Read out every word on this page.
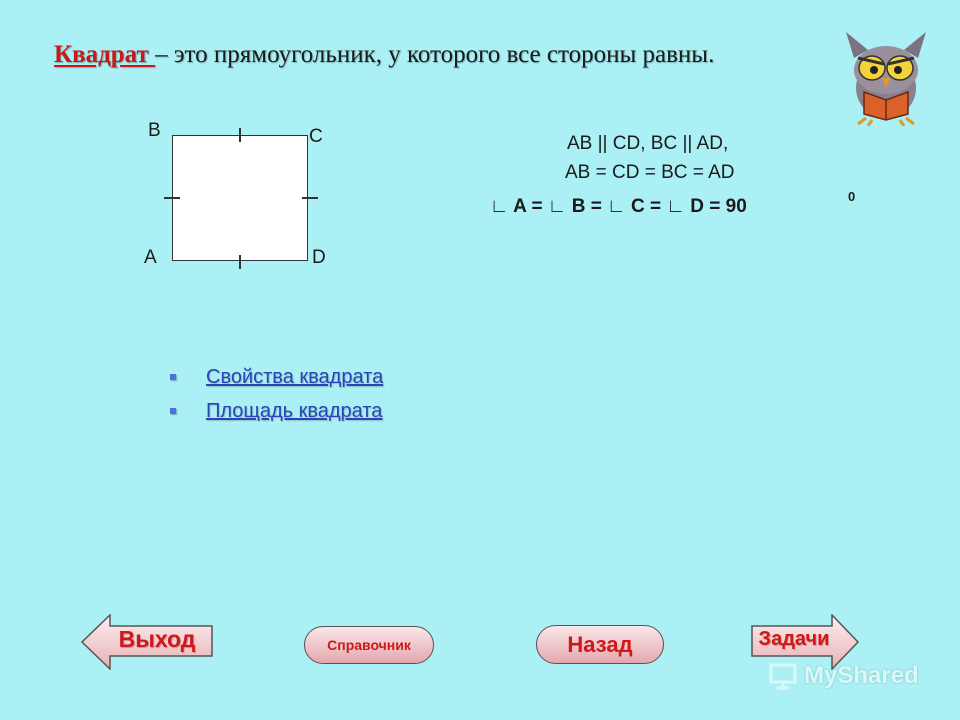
Квадрат – это прямоугольник, у которого все стороны равны.
B	C
A	D
AB || CD, BC || AD,
AB = CD = BC = AD
∟ A = ∟ B = ∟ C = ∟ D = 90	0
Свойства квадрата
Площадь квадрата
Выход	Справочник	Назад	Задачи
MyShared
